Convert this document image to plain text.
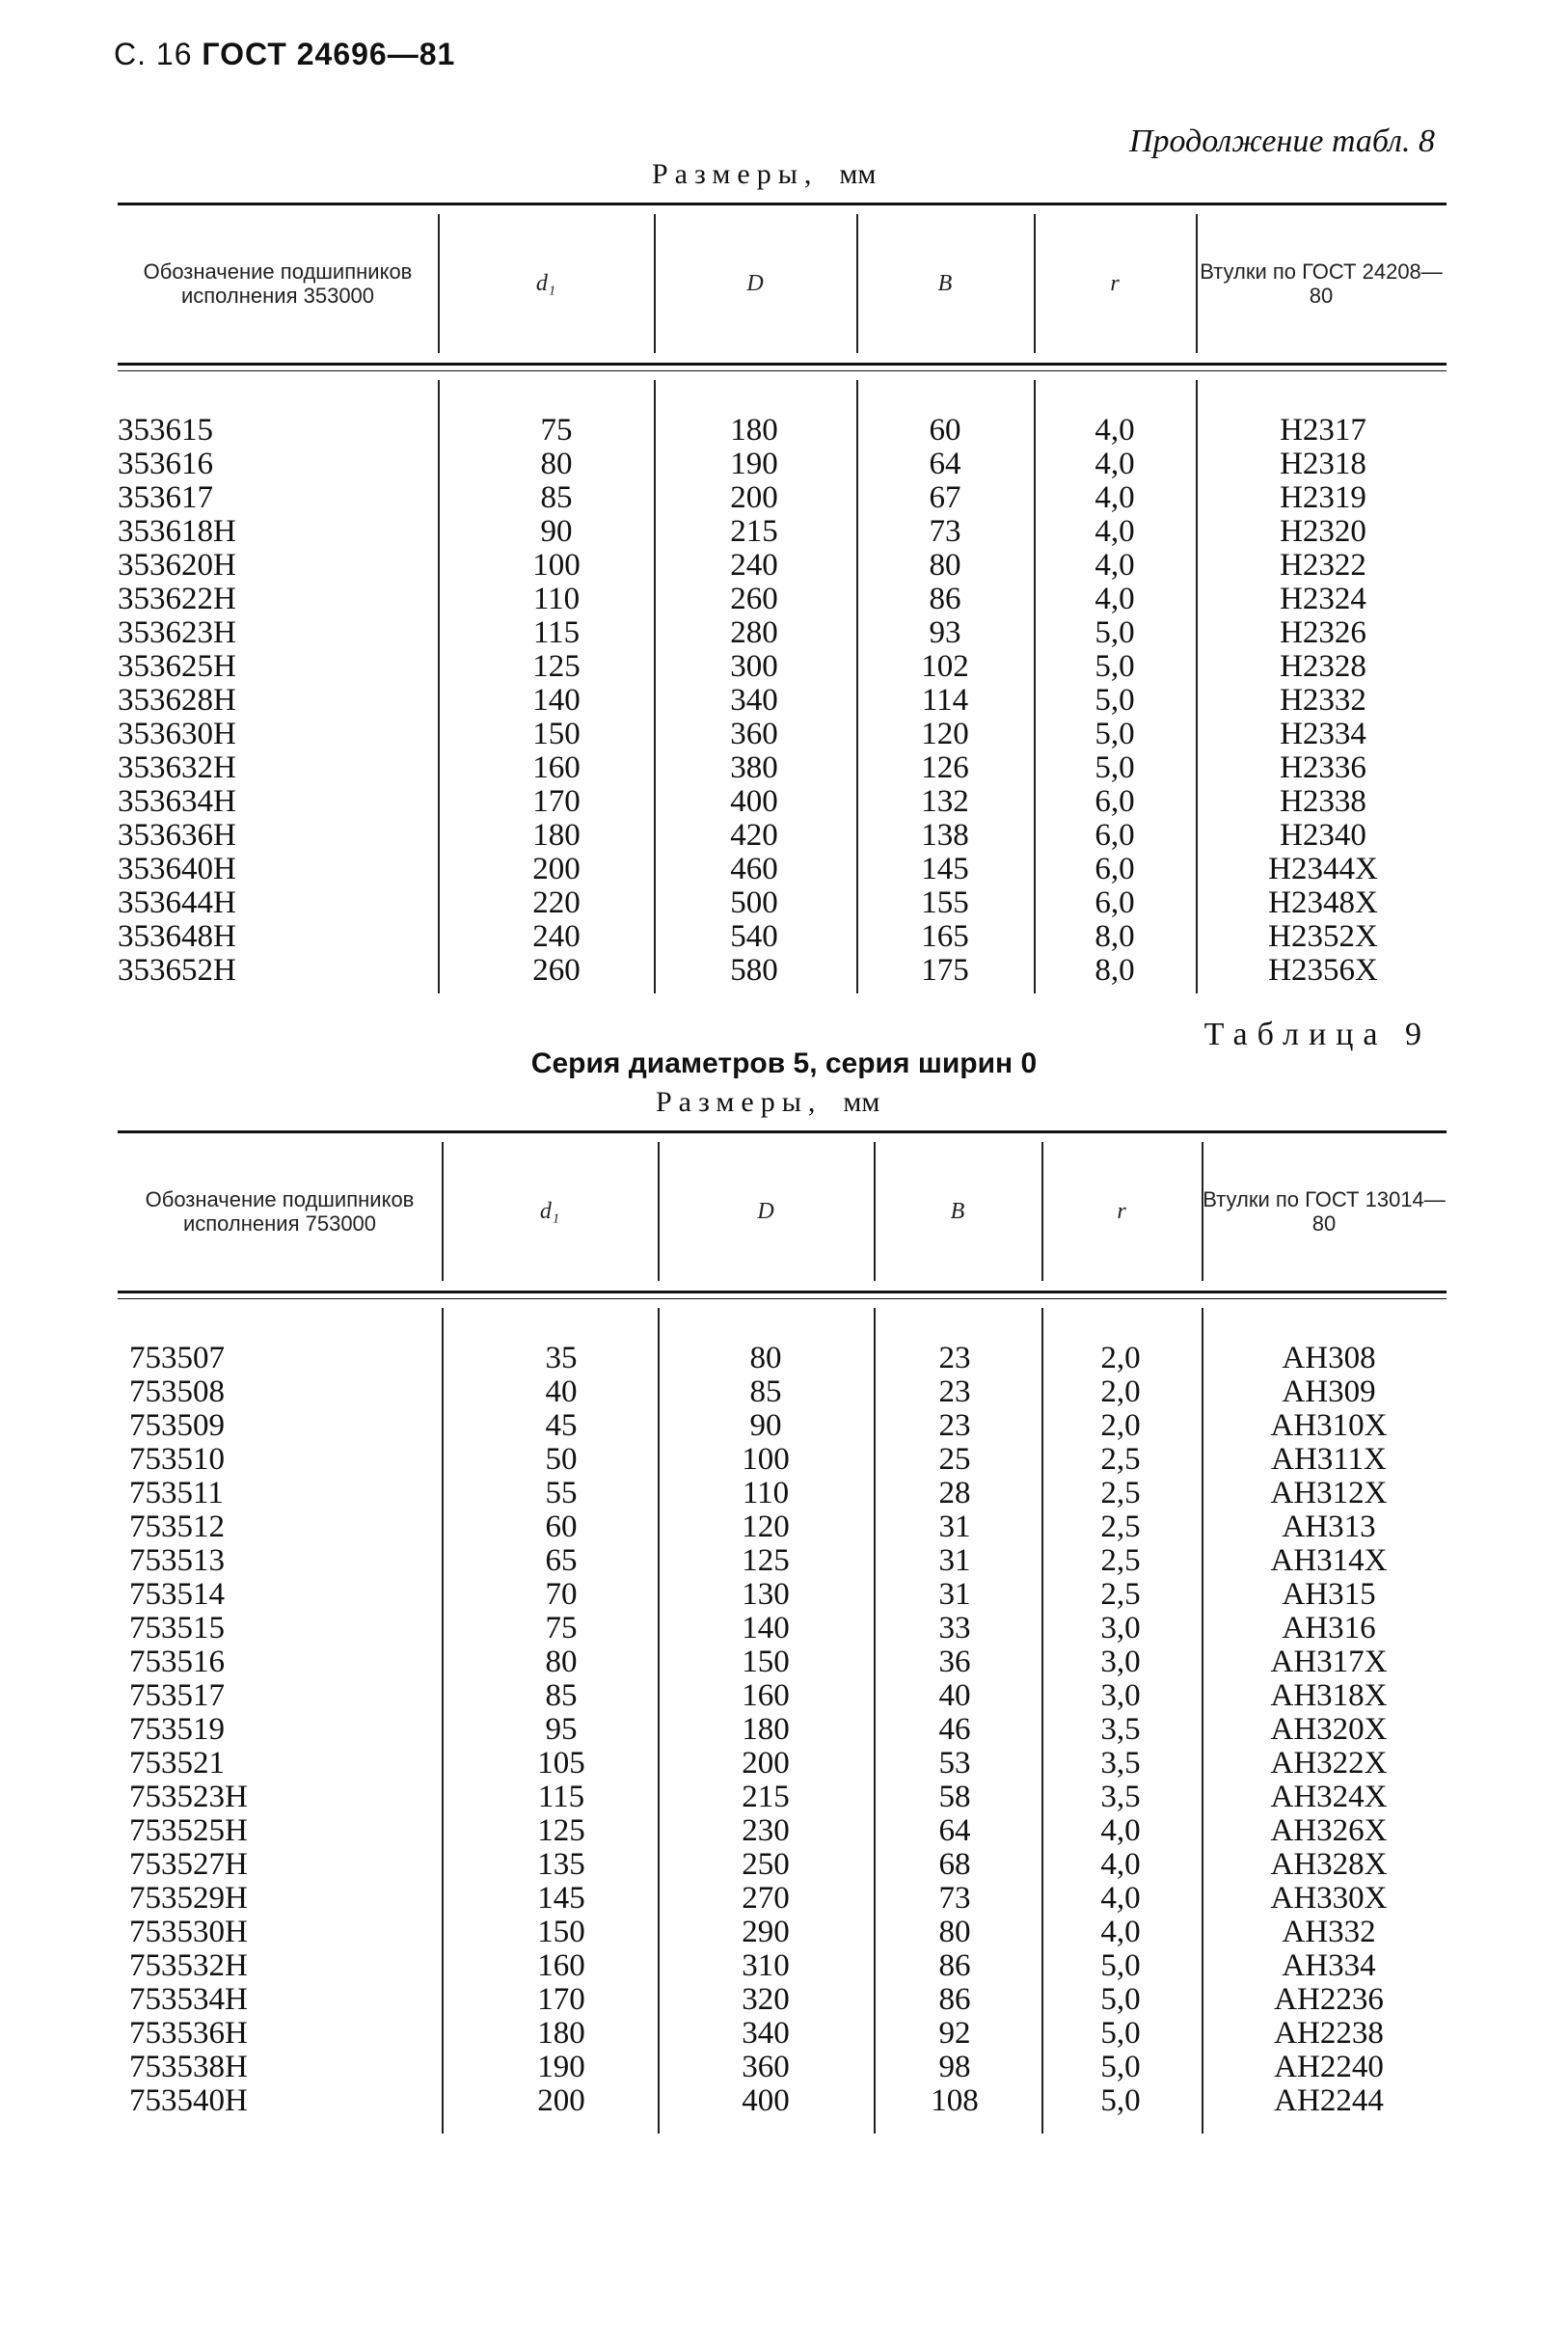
С. 16 ГОСТ 24696—81
Продолжение табл. 8
Размеры, мм
Обозначение подшипников исполнения 353000	d₁	D	B	r	Втулки по ГОСТ 24208—80
353615	75	180	60	4,0	Н2317
353616	80	190	64	4,0	Н2318
353617	85	200	67	4,0	Н2319
353618Н	90	215	73	4,0	Н2320
353620Н	100	240	80	4,0	Н2322
353622Н	110	260	86	4,0	Н2324
353623Н	115	280	93	5,0	Н2326
353625Н	125	300	102	5,0	Н2328
353628Н	140	340	114	5,0	Н2332
353630Н	150	360	120	5,0	Н2334
353632Н	160	380	126	5,0	Н2336
353634Н	170	400	132	6,0	Н2338
353636Н	180	420	138	6,0	Н2340
353640Н	200	460	145	6,0	Н2344Х
353644Н	220	500	155	6,0	Н2348Х
353648Н	240	540	165	8,0	Н2352Х
353652Н	260	580	175	8,0	Н2356Х
Таблица 9
Серия диаметров 5, серия ширин 0
Размеры, мм
Обозначение подшипников исполнения 753000	d₁	D	B	r	Втулки по ГОСТ 13014—80
753507	35	80	23	2,0	АН308
753508	40	85	23	2,0	АН309
753509	45	90	23	2,0	АН310Х
753510	50	100	25	2,5	АН311Х
753511	55	110	28	2,5	АН312Х
753512	60	120	31	2,5	АН313
753513	65	125	31	2,5	АН314Х
753514	70	130	31	2,5	АН315
753515	75	140	33	3,0	АН316
753516	80	150	36	3,0	АН317Х
753517	85	160	40	3,0	АН318Х
753519	95	180	46	3,5	АН320Х
753521	105	200	53	3,5	АН322Х
753523Н	115	215	58	3,5	АН324Х
753525Н	125	230	64	4,0	АН326Х
753527Н	135	250	68	4,0	АН328Х
753529Н	145	270	73	4,0	АН330Х
753530Н	150	290	80	4,0	АН332
753532Н	160	310	86	5,0	АН334
753534Н	170	320	86	5,0	АН2236
753536Н	180	340	92	5,0	АН2238
753538Н	190	360	98	5,0	АН2240
753540Н	200	400	108	5,0	АН2244
